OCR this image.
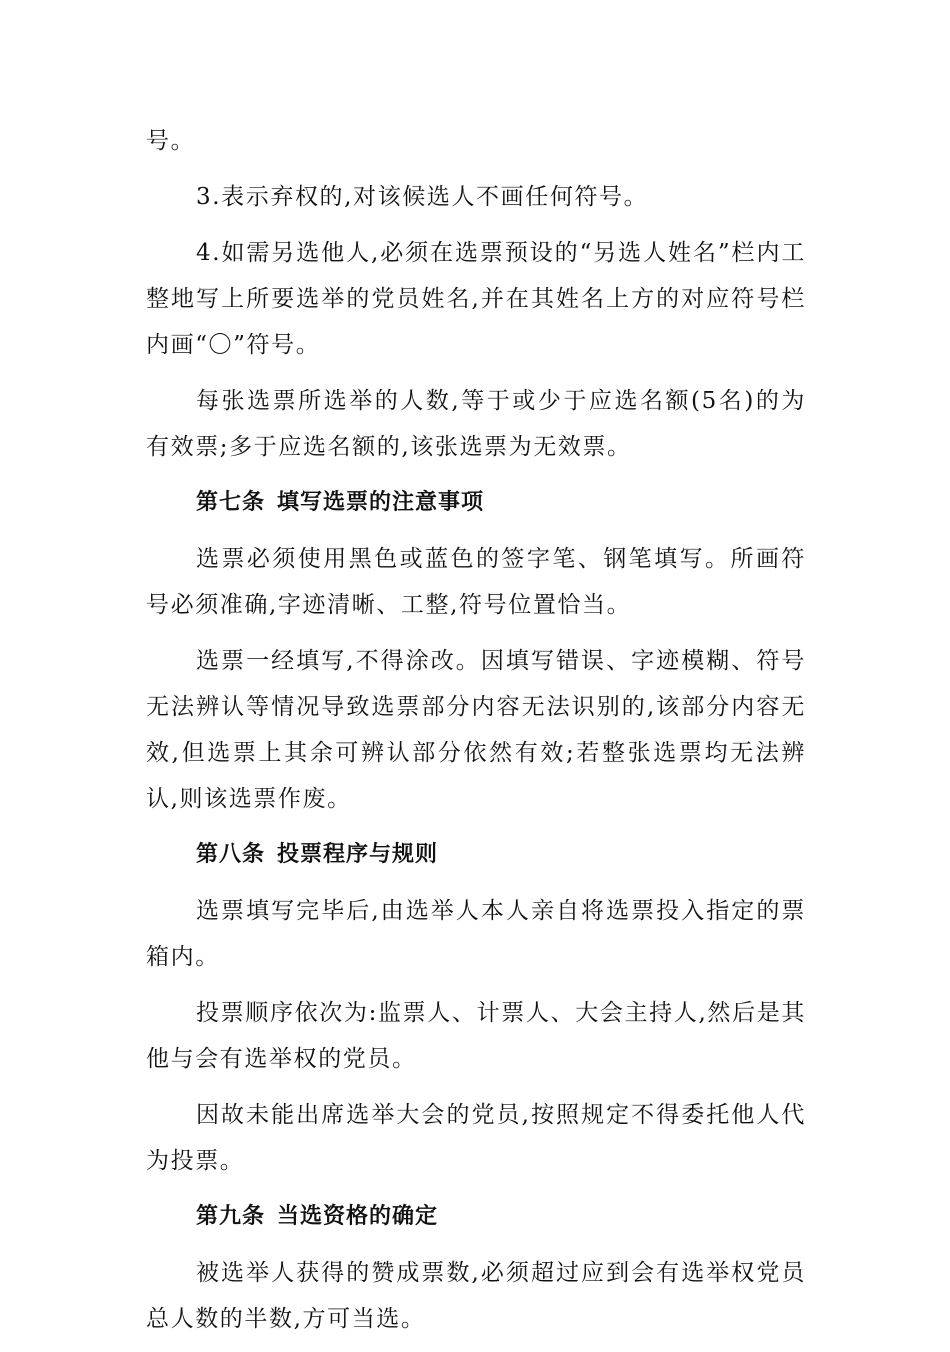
号。

3.表示弃权的,对该候选人不画任何符号。

4.如需另选他人,必须在选票预设的“另选人姓名”栏内工整地写上所要选举的党员姓名,并在其姓名上方的对应符号栏内画“〇”符号。

每张选票所选举的人数,等于或少于应选名额(5名)的为有效票;多于应选名额的,该张选票为无效票。

第七条 填写选票的注意事项

选票必须使用黑色或蓝色的签字笔、钢笔填写。所画符号必须准确,字迹清晰、工整,符号位置恰当。

选票一经填写,不得涂改。因填写错误、字迹模糊、符号无法辨认等情况导致选票部分内容无法识别的,该部分内容无效,但选票上其余可辨认部分依然有效;若整张选票均无法辨认,则该选票作废。

第八条 投票程序与规则

选票填写完毕后,由选举人本人亲自将选票投入指定的票箱内。

投票顺序依次为:监票人、计票人、大会主持人,然后是其他与会有选举权的党员。

因故未能出席选举大会的党员,按照规定不得委托他人代为投票。

第九条 当选资格的确定

被选举人获得的赞成票数,必须超过应到会有选举权党员总人数的半数,方可当选。
